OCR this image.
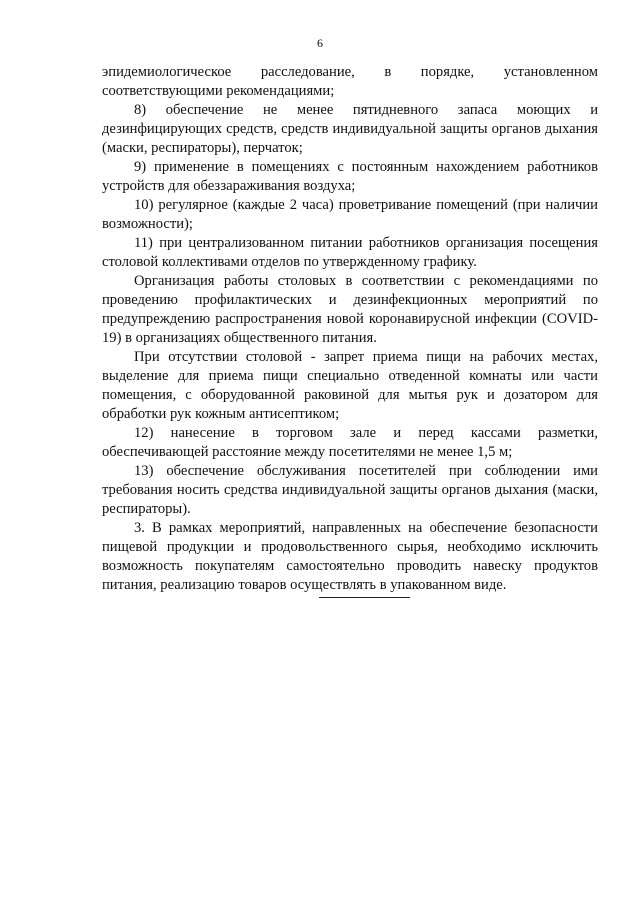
6

эпидемиологическое расследование, в порядке, установленном соответствующими рекомендациями;

8) обеспечение не менее пятидневного запаса моющих и дезинфицирующих средств, средств индивидуальной защиты органов дыхания (маски, респираторы), перчаток;

9) применение в помещениях с постоянным нахождением работников устройств для обеззараживания воздуха;

10) регулярное (каждые 2 часа) проветривание помещений (при наличии возможности);

11) при централизованном питании работников организация посещения столовой коллективами отделов по утвержденному графику.

Организация работы столовых в соответствии с рекомендациями по проведению профилактических и дезинфекционных мероприятий по предупреждению распространения новой коронавирусной инфекции (COVID-19) в организациях общественного питания.

При отсутствии столовой - запрет приема пищи на рабочих местах, выделение для приема пищи специально отведенной комнаты или части помещения, с оборудованной раковиной для мытья рук и дозатором для обработки рук кожным антисептиком;

12) нанесение в торговом зале и перед кассами разметки, обеспечивающей расстояние между посетителями не менее 1,5 м;

13) обеспечение обслуживания посетителей при соблюдении ими требования носить средства индивидуальной защиты органов дыхания (маски, респираторы).

3. В рамках мероприятий, направленных на обеспечение безопасности пищевой продукции и продовольственного сырья, необходимо исключить возможность покупателям самостоятельно проводить навеску продуктов питания, реализацию товаров осуществлять в упакованном виде.
